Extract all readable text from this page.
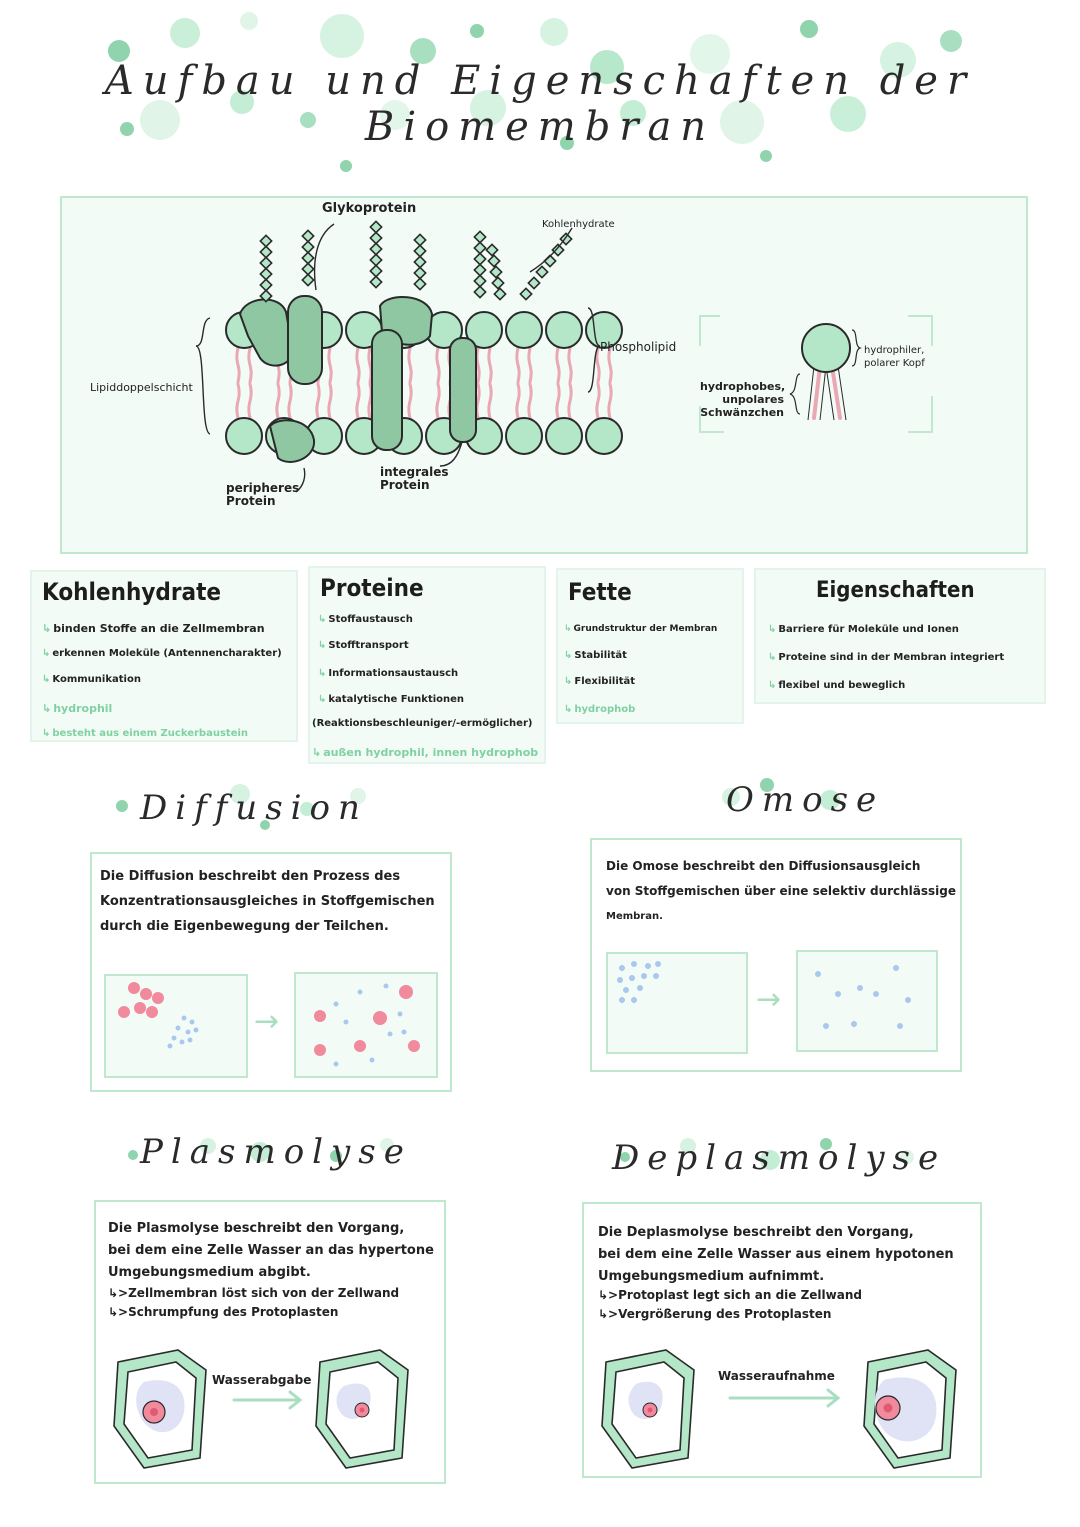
Aufbau und Eigenschaften der Biomembran
Glykoprotein
Kohlenhydrate
Lipiddoppelschicht
Phospholipid
peripheres Protein
integrales Protein
hydrophiler, polarer Kopf
hydrophobes, unpolares Schwänzchen
Kohlenhydrate
↳ binden Stoffe an die Zellmembran
↳ erkennen Moleküle (Antennencharakter)
↳ Kommunikation
↳ hydrophil
↳ besteht aus einem Zuckerbaustein
Proteine
↳ Stoffaustausch
↳ Stofftransport
↳ Informationsaustausch
↳ katalytische Funktionen
(Reaktionsbeschleuniger/-ermöglicher)
↳ außen hydrophil, innen hydrophob
Fette
↳ Grundstruktur der Membran
↳ Stabilität
↳ Flexibilität
↳ hydrophob
Eigenschaften
↳ Barriere für Moleküle und Ionen
↳ Proteine sind in der Membran integriert
↳ flexibel und beweglich
Diffusion
Die Diffusion beschreibt den Prozess des
Konzentrationsausgleiches in Stoffgemischen
durch die Eigenbewegung der Teilchen.
→
Omose
Die Omose beschreibt den Diffusionsausgleich
von Stoffgemischen über eine selektiv durchlässige
Membran.
→
Plasmolyse
Die Plasmolyse beschreibt den Vorgang,
bei dem eine Zelle Wasser an das hypertone
Umgebungsmedium abgibt.
↳>Zellmembran löst sich von der Zellwand
↳>Schrumpfung des Protoplasten
Wasserabgabe
Deplasmolyse
Die Deplasmolyse beschreibt den Vorgang,
bei dem eine Zelle Wasser aus einem hypotonen
Umgebungsmedium aufnimmt.
↳>Protoplast legt sich an die Zellwand
↳>Vergrößerung des Protoplasten
Wasseraufnahme
